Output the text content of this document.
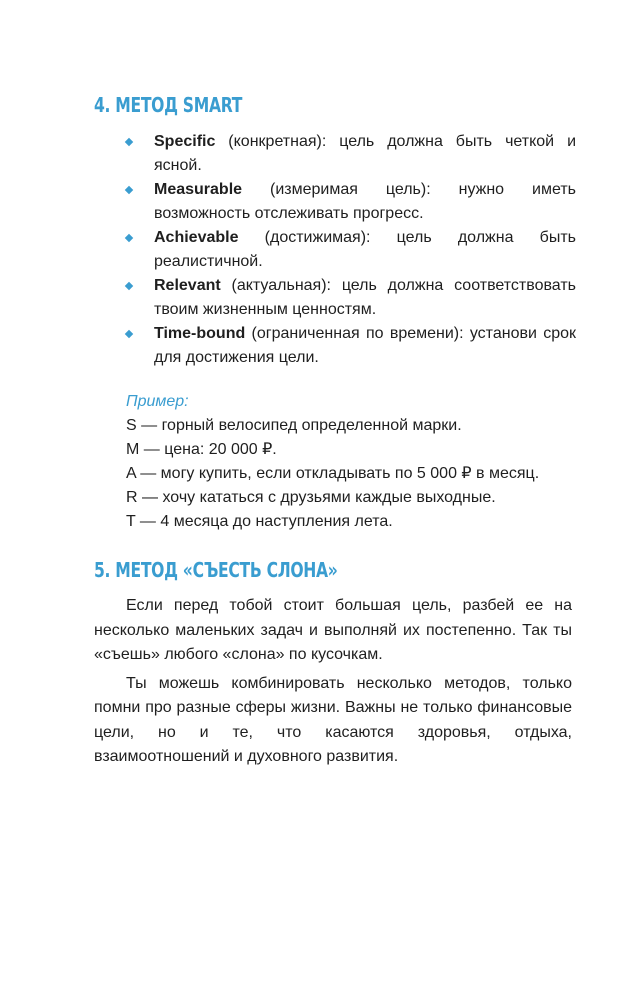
4. МЕТОД SMART
Specific (конкретная): цель должна быть четкой и ясной.
Measurable (измеримая цель): нужно иметь возможность отслеживать прогресс.
Achievable (достижимая): цель должна быть реалистичной.
Relevant (актуальная): цель должна соответствовать твоим жизненным ценностям.
Time-bound (ограниченная по времени): установи срок для достижения цели.
Пример:
S — горный велосипед определенной марки.
M — цена: 20 000 ₽.
A — могу купить, если откладывать по 5 000 ₽ в месяц.
R — хочу кататься с друзьями каждые выходные.
T — 4 месяца до наступления лета.
5. МЕТОД «СЪЕСТЬ СЛОНА»

Если перед тобой стоит большая цель, разбей ее на несколько маленьких задач и выполняй их постепенно. Так ты «съешь» любого «слона» по кусочкам.

Ты можешь комбинировать несколько методов, только помни про разные сферы жизни. Важны не только финансовые цели, но и те, что касаются здоровья, отдыха, взаимоотношений и духовного развития.
